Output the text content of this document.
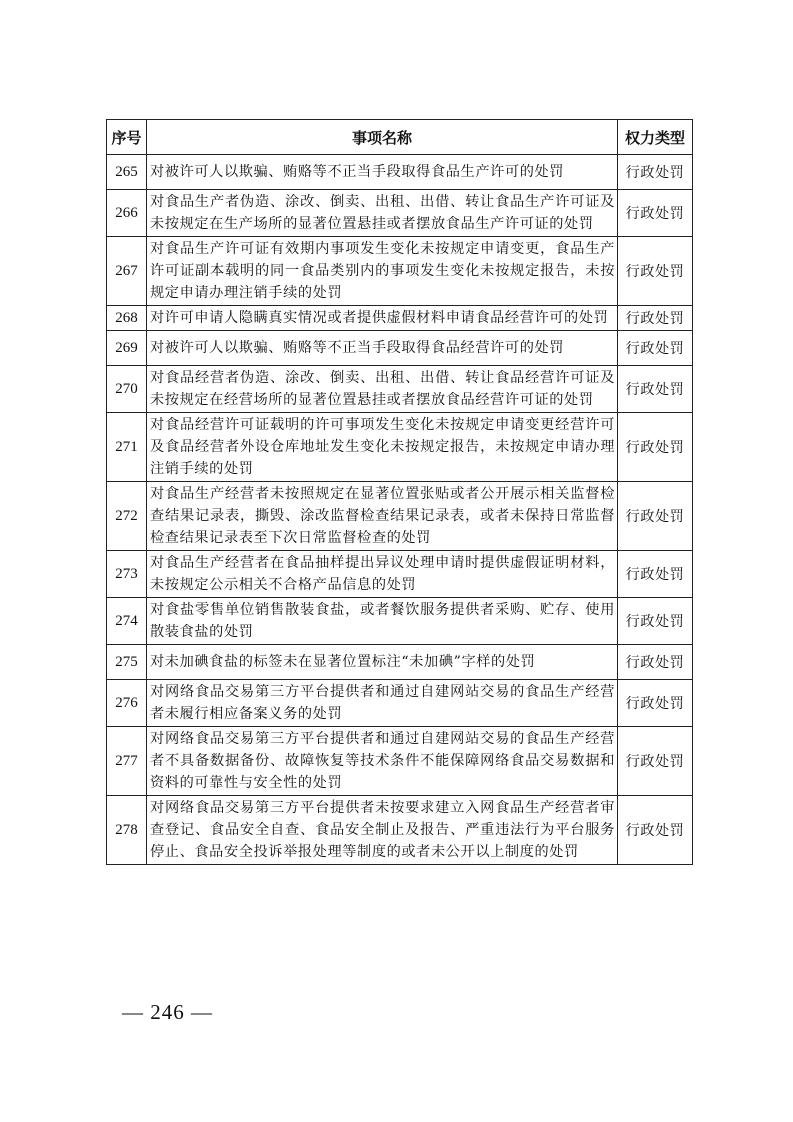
序号	事项名称	权力类型
265	对被许可人以欺骗、贿赂等不正当手段取得食品生产许可的处罚	行政处罚
266	对食品生产者伪造、涂改、倒卖、出租、出借、转让食品生产许可证及未按规定在生产场所的显著位置悬挂或者摆放食品生产许可证的处罚	行政处罚
267	对食品生产许可证有效期内事项发生变化未按规定申请变更，食品生产许可证副本载明的同一食品类别内的事项发生变化未按规定报告，未按规定申请办理注销手续的处罚	行政处罚
268	对许可申请人隐瞒真实情况或者提供虚假材料申请食品经营许可的处罚	行政处罚
269	对被许可人以欺骗、贿赂等不正当手段取得食品经营许可的处罚	行政处罚
270	对食品经营者伪造、涂改、倒卖、出租、出借、转让食品经营许可证及未按规定在经营场所的显著位置悬挂或者摆放食品经营许可证的处罚	行政处罚
271	对食品经营许可证载明的许可事项发生变化未按规定申请变更经营许可及食品经营者外设仓库地址发生变化未按规定报告，未按规定申请办理注销手续的处罚	行政处罚
272	对食品生产经营者未按照规定在显著位置张贴或者公开展示相关监督检查结果记录表，撕毁、涂改监督检查结果记录表，或者未保持日常监督检查结果记录表至下次日常监督检查的处罚	行政处罚
273	对食品生产经营者在食品抽样提出异议处理申请时提供虚假证明材料，未按规定公示相关不合格产品信息的处罚	行政处罚
274	对食盐零售单位销售散装食盐，或者餐饮服务提供者采购、贮存、使用散装食盐的处罚	行政处罚
275	对未加碘食盐的标签未在显著位置标注“未加碘”字样的处罚	行政处罚
276	对网络食品交易第三方平台提供者和通过自建网站交易的食品生产经营者未履行相应备案义务的处罚	行政处罚
277	对网络食品交易第三方平台提供者和通过自建网站交易的食品生产经营者不具备数据备份、故障恢复等技术条件不能保障网络食品交易数据和资料的可靠性与安全性的处罚	行政处罚
278	对网络食品交易第三方平台提供者未按要求建立入网食品生产经营者审查登记、食品安全自查、食品安全制止及报告、严重违法行为平台服务停止、食品安全投诉举报处理等制度的或者未公开以上制度的处罚	行政处罚
— 246 —
